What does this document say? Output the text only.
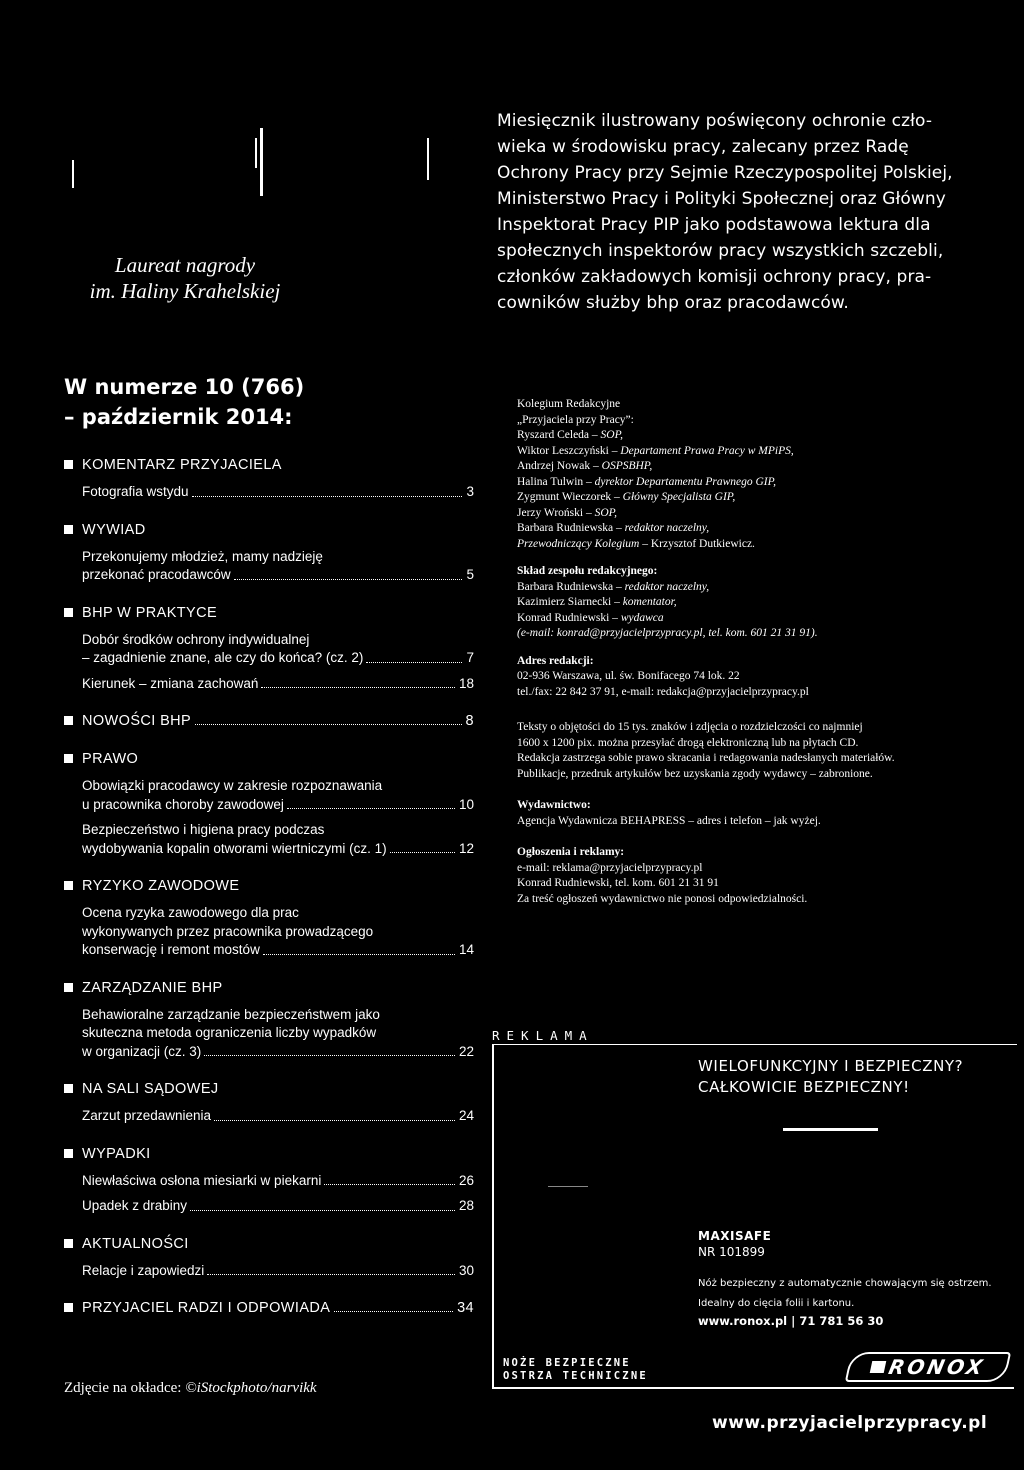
Laureat nagrody
im. Haliny Krahelskiej
Miesięcznik ilustrowany poświęcony ochronie czło-
wieka w środowisku pracy, zalecany przez Radę
Ochrony Pracy przy Sejmie Rzeczypospolitej Polskiej,
Ministerstwo Pracy i Polityki Społecznej oraz Główny
Inspektorat Pracy PIP jako podstawowa lektura dla
społecznych inspektorów pracy wszystkich szczebli,
członków zakładowych komisji ochrony pracy, pra-
cowników służby bhp oraz pracodawców.
W numerze 10 (766)
– październik 2014:
KOMENTARZ PRZYJACIELA
Fotografia wstydu	3
WYWIAD
Przekonujemy młodzież, mamy nadzieję
przekonać pracodawców	5
BHP W PRAKTYCE
Dobór środków ochrony indywidualnej
– zagadnienie znane, ale czy do końca? (cz. 2)	7
Kierunek – zmiana zachowań	18
NOWOŚCI BHP	8
PRAWO
Obowiązki pracodawcy w zakresie rozpoznawania
u pracownika choroby zawodowej	10
Bezpieczeństwo i higiena pracy podczas
wydobywania kopalin otworami wiertniczymi (cz. 1)	12
RYZYKO ZAWODOWE
Ocena ryzyka zawodowego dla prac
wykonywanych przez pracownika prowadzącego
konserwację i remont mostów	14
ZARZĄDZANIE BHP
Behawioralne zarządzanie bezpieczeństwem jako
skuteczna metoda ograniczenia liczby wypadków
w organizacji (cz. 3)	22
NA SALI SĄDOWEJ
Zarzut przedawnienia	24
WYPADKI
Niewłaściwa osłona miesiarki w piekarni	26
Upadek z drabiny	28
AKTUALNOŚCI
Relacje i zapowiedzi	30
PRZYJACIEL RADZI I ODPOWIADA	34
Zdjęcie na okładce: ©iStockphoto/narvikk
Kolegium Redakcyjne
„Przyjaciela przy Pracy”:
Ryszard Celeda – SOP,
Wiktor Leszczyński – Departament Prawa Pracy w MPiPS,
Andrzej Nowak – OSPSBHP,
Halina Tulwin – dyrektor Departamentu Prawnego GIP,
Zygmunt Wieczorek – Główny Specjalista GIP,
Jerzy Wroński – SOP,
Barbara Rudniewska – redaktor naczelny,
Przewodniczący Kolegium – Krzysztof Dutkiewicz.
Skład zespołu redakcyjnego:
Barbara Rudniewska – redaktor naczelny,
Kazimierz Siarnecki – komentator,
Konrad Rudniewski – wydawca
(e-mail: konrad@przyjacielprzypracy.pl, tel. kom. 601 21 31 91).
Adres redakcji:
02-936 Warszawa, ul. św. Bonifacego 74 lok. 22
tel./fax: 22 842 37 91, e-mail: redakcja@przyjacielprzypracy.pl
Teksty o objętości do 15 tys. znaków i zdjęcia o rozdzielczości co najmniej
1600 x 1200 pix. można przesyłać drogą elektroniczną lub na płytach CD.
Redakcja zastrzega sobie prawo skracania i redagowania nadesłanych materiałów.
Publikacje, przedruk artykułów bez uzyskania zgody wydawcy – zabronione.
Wydawnictwo:
Agencja Wydawnicza BEHAPRESS – adres i telefon – jak wyżej.
Ogłoszenia i reklamy:
e-mail: reklama@przyjacielprzypracy.pl
Konrad Rudniewski, tel. kom. 601 21 31 91
Za treść ogłoszeń wydawnictwo nie ponosi odpowiedzialności.
REKLAMA
WIELOFUNKCYJNY I BEZPIECZNY?
CAŁKOWICIE BEZPIECZNY!
MAXISAFE
NR 101899
Nóż bezpieczny z automatycznie chowającym się ostrzem.
Idealny do cięcia folii i kartonu.
www.ronox.pl | 71 781 56 30
NOŻE BEZPIECZNE
OSTRZA TECHNICZNE	RONOX
www.przyjacielprzypracy.pl
